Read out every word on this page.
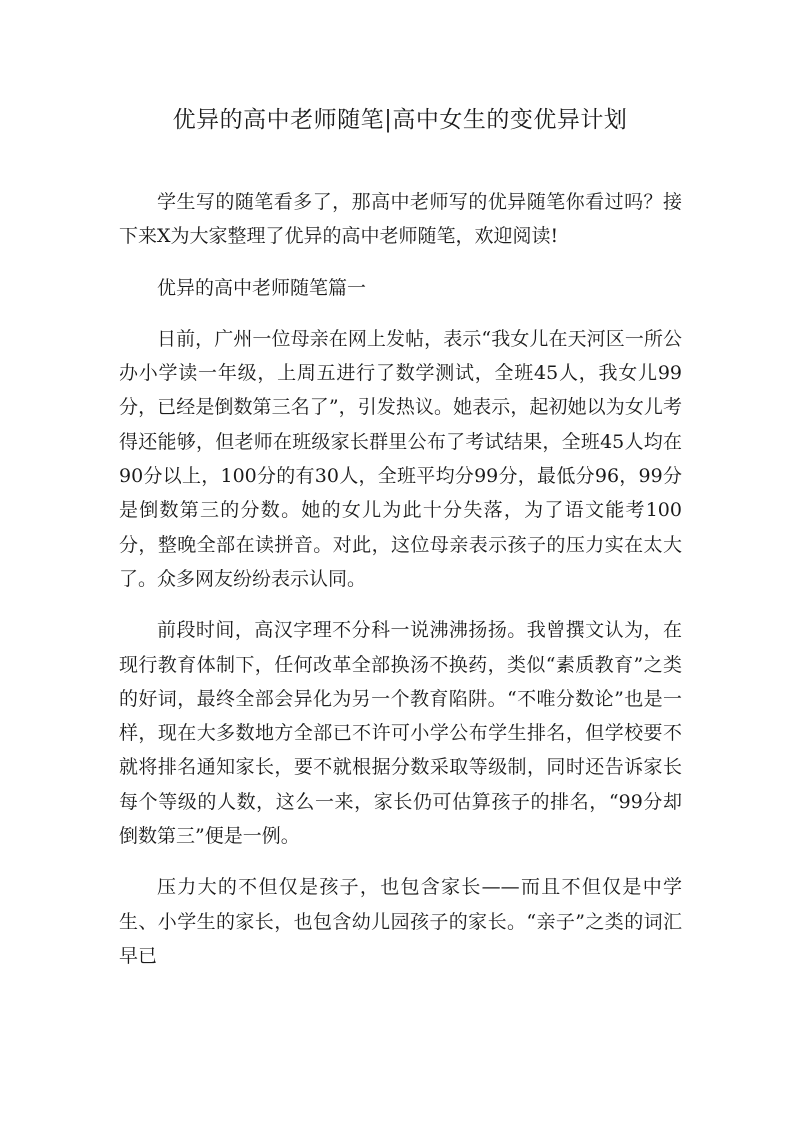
优异的高中老师随笔|高中女生的变优异计划

学生写的随笔看多了，那高中老师写的优异随笔你看过吗？接下来X为大家整理了优异的高中老师随笔，欢迎阅读!

优异的高中老师随笔篇一

日前，广州一位母亲在网上发帖，表示“我女儿在天河区一所公办小学读一年级，上周五进行了数学测试，全班45人，我女儿99分，已经是倒数第三名了”，引发热议。她表示，起初她以为女儿考得还能够，但老师在班级家长群里公布了考试结果，全班45人均在90分以上，100分的有30人，全班平均分99分，最低分96，99分是倒数第三的分数。她的女儿为此十分失落，为了语文能考100分，整晚全部在读拼音。对此，这位母亲表示孩子的压力实在太大了。众多网友纷纷表示认同。

前段时间，高汉字理不分科一说沸沸扬扬。我曾撰文认为，在现行教育体制下，任何改革全部换汤不换药，类似“素质教育”之类的好词，最终全部会异化为另一个教育陷阱。“不唯分数论”也是一样，现在大多数地方全部已不许可小学公布学生排名，但学校要不就将排名通知家长，要不就根据分数采取等级制，同时还告诉家长每个等级的人数，这么一来，家长仍可估算孩子的排名，“99分却倒数第三”便是一例。

压力大的不但仅是孩子，也包含家长——而且不但仅是中学生、小学生的家长，也包含幼儿园孩子的家长。“亲子”之类的词汇早已
